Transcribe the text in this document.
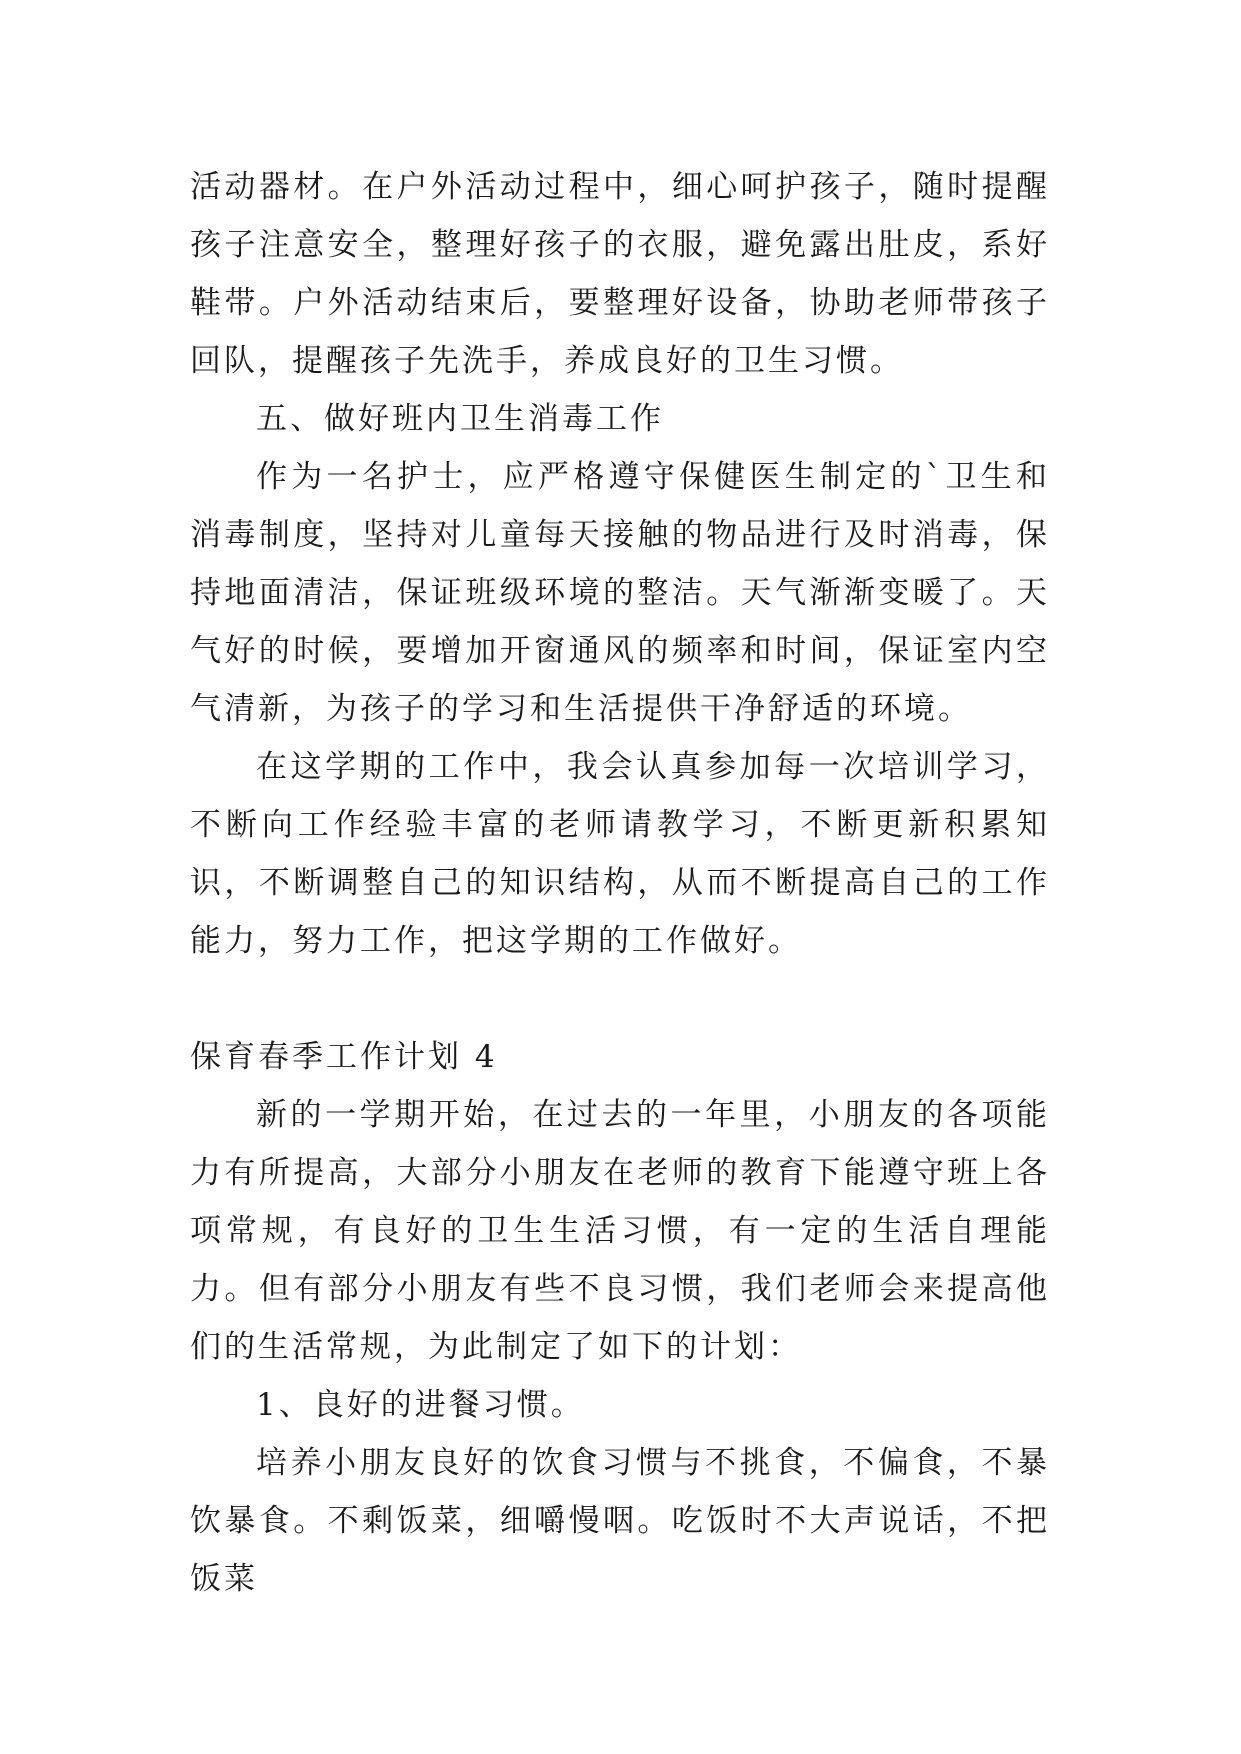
活动器材。在户外活动过程中，细心呵护孩子，随时提醒孩子注意安全，整理好孩子的衣服，避免露出肚皮，系好鞋带。户外活动结束后，要整理好设备，协助老师带孩子回队，提醒孩子先洗手，养成良好的卫生习惯。

五、做好班内卫生消毒工作

作为一名护士，应严格遵守保健医生制定的`卫生和消毒制度，坚持对儿童每天接触的物品进行及时消毒，保持地面清洁，保证班级环境的整洁。天气渐渐变暖了。天气好的时候，要增加开窗通风的频率和时间，保证室内空气清新，为孩子的学习和生活提供干净舒适的环境。

在这学期的工作中，我会认真参加每一次培训学习，不断向工作经验丰富的老师请教学习，不断更新积累知识，不断调整自己的知识结构，从而不断提高自己的工作能力，努力工作，把这学期的工作做好。

保育春季工作计划 4

新的一学期开始，在过去的一年里，小朋友的各项能力有所提高，大部分小朋友在老师的教育下能遵守班上各项常规，有良好的卫生生活习惯，有一定的生活自理能力。但有部分小朋友有些不良习惯，我们老师会来提高他们的生活常规，为此制定了如下的计划：

1、良好的进餐习惯。

培养小朋友良好的饮食习惯与不挑食，不偏食，不暴饮暴食。不剩饭菜，细嚼慢咽。吃饭时不大声说话，不把饭菜
